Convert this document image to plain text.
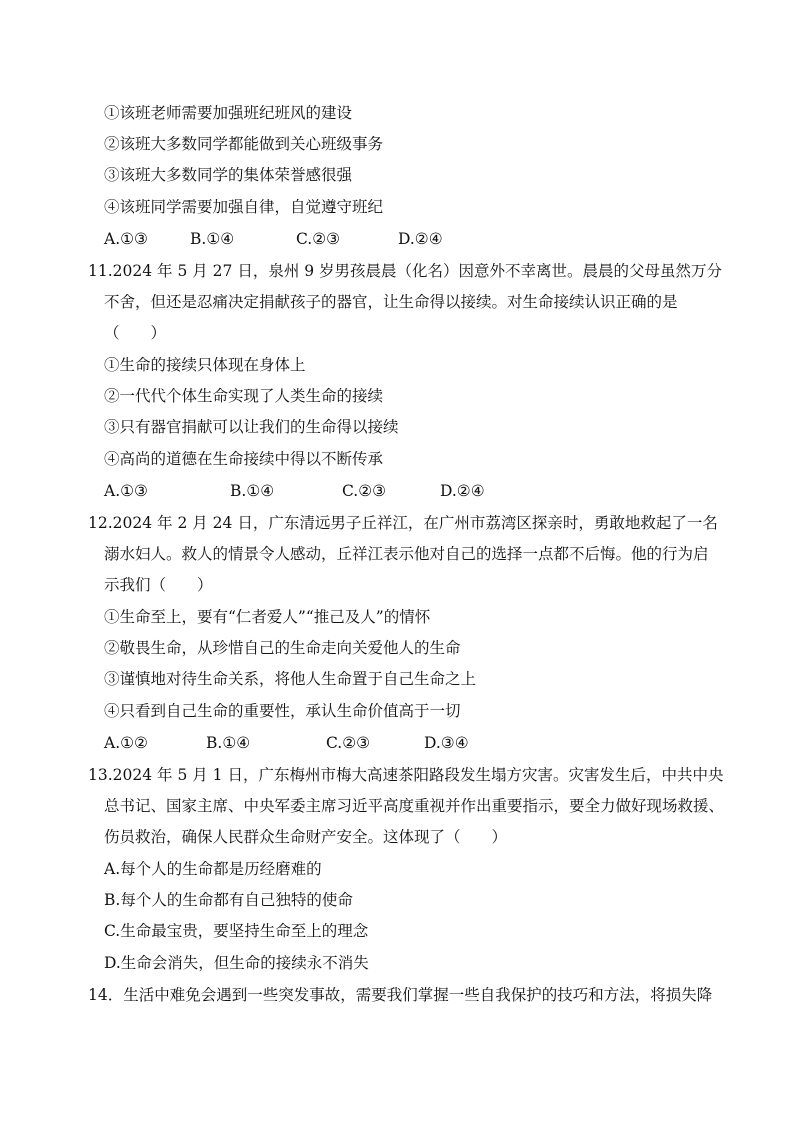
①该班老师需要加强班纪班风的建设
②该班大多数同学都能做到关心班级事务
③该班大多数同学的集体荣誉感很强
④该班同学需要加强自律，自觉遵守班纪
A.①③	B.①④	C.②③	D.②④
11.2024 年 5 月 27 日，泉州 9 岁男孩晨晨（化名）因意外不幸离世。晨晨的父母虽然万分
不舍，但还是忍痛决定捐献孩子的器官，让生命得以接续。对生命接续认识正确的是
（　　）
①生命的接续只体现在身体上
②一代代个体生命实现了人类生命的接续
③只有器官捐献可以让我们的生命得以接续
④高尚的道德在生命接续中得以不断传承
A.①③	B.①④	C.②③	D.②④
12.2024 年 2 月 24 日，广东清远男子丘祥江，在广州市荔湾区探亲时，勇敢地救起了一名
溺水妇人。救人的情景令人感动，丘祥江表示他对自己的选择一点都不后悔。他的行为启
示我们（　　）
①生命至上，要有“仁者爱人”“推己及人”的情怀
②敬畏生命，从珍惜自己的生命走向关爱他人的生命
③谨慎地对待生命关系，将他人生命置于自己生命之上
④只看到自己生命的重要性，承认生命价值高于一切
A.①②	B.①④	C.②③	D.③④
13.2024 年 5 月 1 日，广东梅州市梅大高速茶阳路段发生塌方灾害。灾害发生后，中共中央
总书记、国家主席、中央军委主席习近平高度重视并作出重要指示，要全力做好现场救援、
伤员救治，确保人民群众生命财产安全。这体现了（　　）
A.每个人的生命都是历经磨难的
B.每个人的生命都有自己独特的使命
C.生命最宝贵，要坚持生命至上的理念
D.生命会消失，但生命的接续永不消失
14．生活中难免会遇到一些突发事故，需要我们掌握一些自我保护的技巧和方法，将损失降
